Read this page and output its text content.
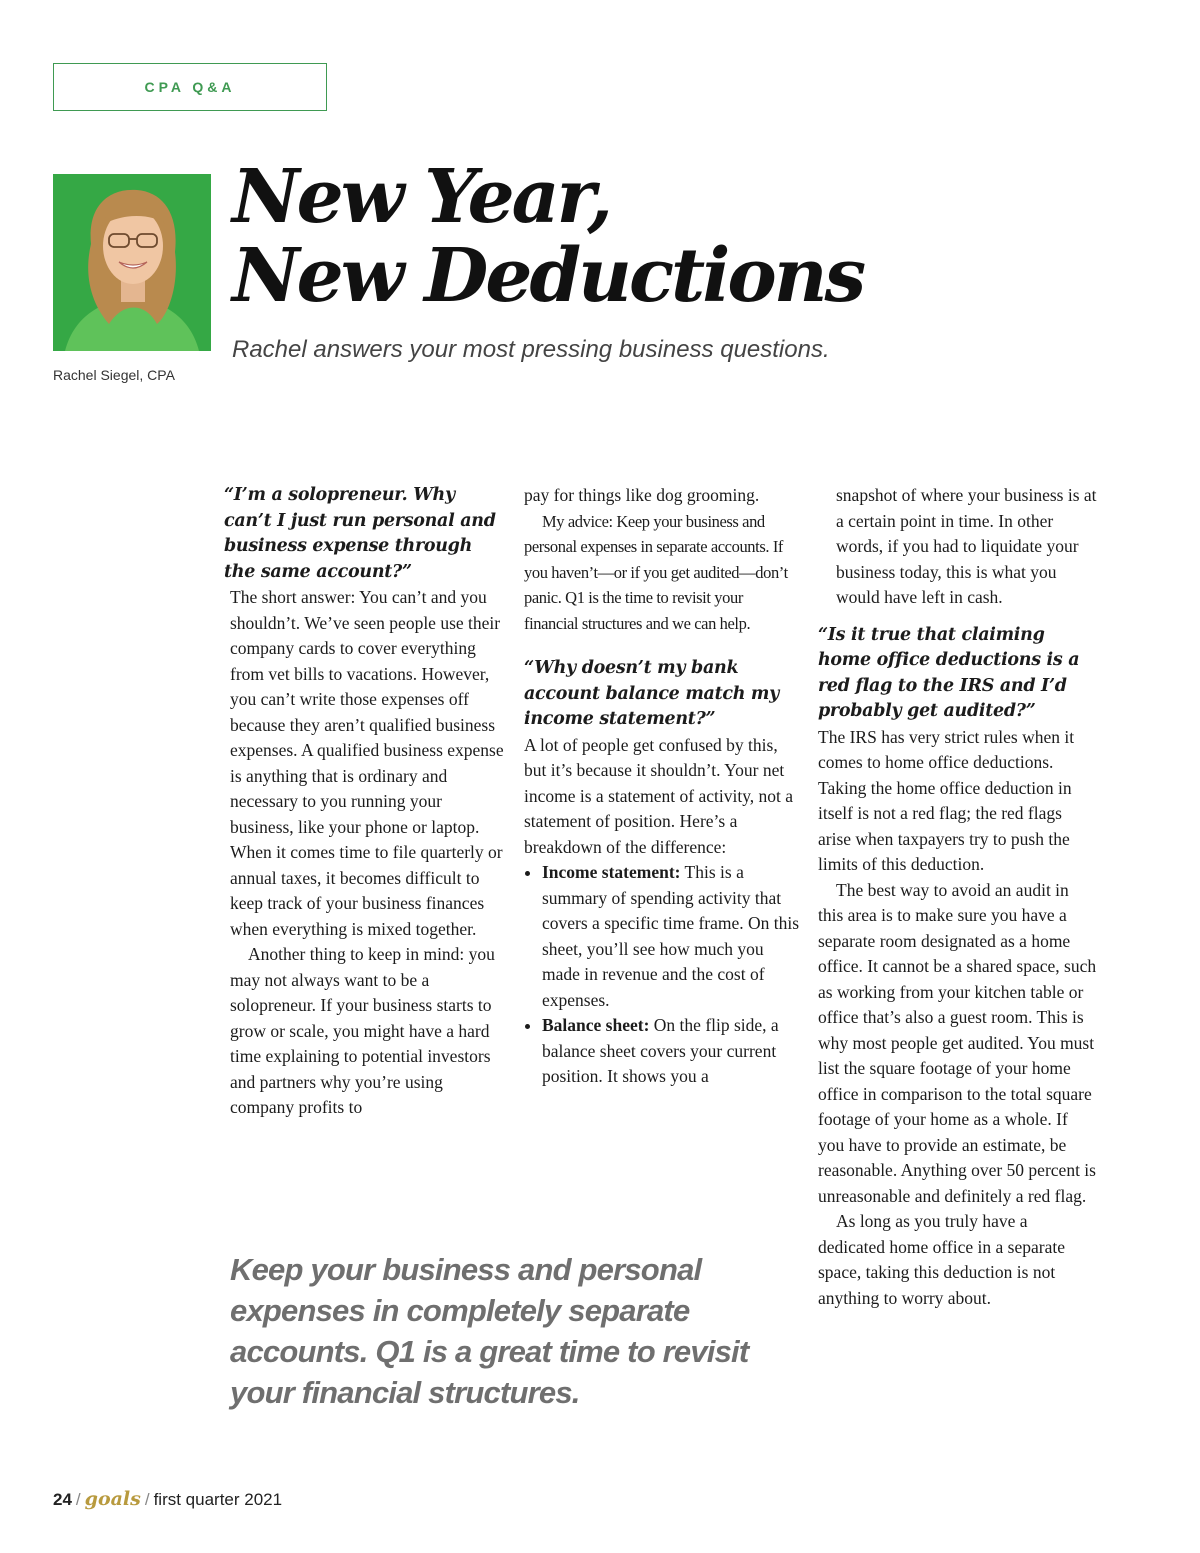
CPA Q&A
Rachel Siegel, CPA
New Year,
New Deductions
Rachel answers your most pressing business questions.

“I’m a solopreneur. Why can’t I just run personal and business expense through the same account?”

The short answer: You can’t and you shouldn’t. We’ve seen people use their company cards to cover everything from vet bills to vacations. However, you can’t write those expenses off because they aren’t qualified business expenses. A qualified business expense is anything that is ordinary and necessary to you running your business, like your phone or laptop. When it comes time to file quarterly or annual taxes, it becomes difficult to keep track of your business finances when everything is mixed together.

Another thing to keep in mind: you may not always want to be a solopreneur. If your business starts to grow or scale, you might have a hard time explaining to potential investors and partners why you’re using company profits to

pay for things like dog grooming.

My advice: Keep your business and personal expenses in separate accounts. If you haven’t—or if you get audited—don’t panic. Q1 is the time to revisit your financial structures and we can help.

“Why doesn’t my bank account balance match my income statement?”

A lot of people get confused by this, but it’s because it shouldn’t. Your net income is a statement of activity, not a statement of position. Here’s a breakdown of the difference:

• Income statement: This is a summary of spending activity that covers a specific time frame. On this sheet, you’ll see how much you made in revenue and the cost of expenses.
• Balance sheet: On the flip side, a balance sheet covers your current position. It shows you a

snapshot of where your business is at a certain point in time. In other words, if you had to liquidate your business today, this is what you would have left in cash.

“Is it true that claiming home office deductions is a red flag to the IRS and I’d probably get audited?”

The IRS has very strict rules when it comes to home office deductions. Taking the home office deduction in itself is not a red flag; the red flags arise when taxpayers try to push the limits of this deduction.

The best way to avoid an audit in this area is to make sure you have a separate room designated as a home office. It cannot be a shared space, such as working from your kitchen table or office that’s also a guest room. This is why most people get audited. You must list the square footage of your home office in comparison to the total square footage of your home as a whole. If you have to provide an estimate, be reasonable. Anything over 50 percent is unreasonable and definitely a red flag.

As long as you truly have a dedicated home office in a separate space, taking this deduction is not anything to worry about.

Keep your business and personal expenses in completely separate accounts. Q1 is a great time to revisit your financial structures.

24 / goals / first quarter 2021
